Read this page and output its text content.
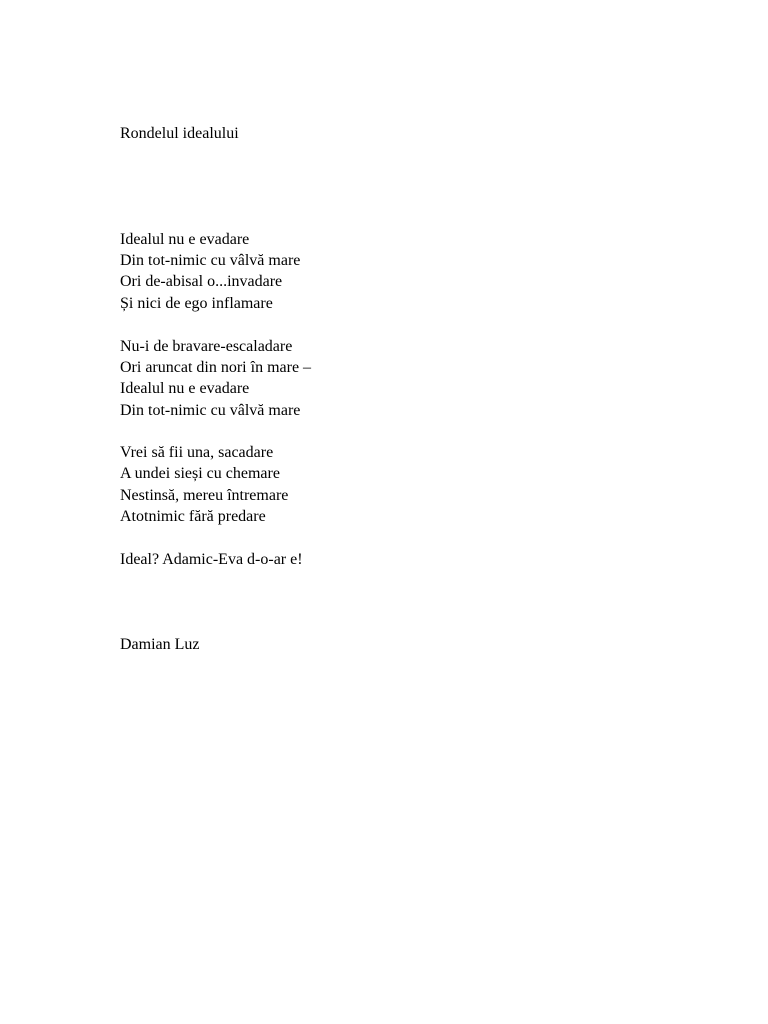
Rondelul idealului
Idealul nu e evadare
Din tot-nimic cu vâlvă mare
Ori de-abisal o...invadare
Și nici de ego inflamare
Nu-i de bravare-escaladare
Ori aruncat din nori în mare –
Idealul nu e evadare
Din tot-nimic cu vâlvă mare
Vrei să fii una, sacadare
A undei sieși cu chemare
Nestinsă, mereu întremare
Atotnimic fără predare
Ideal? Adamic-Eva d-o-ar e!
Damian Luz
